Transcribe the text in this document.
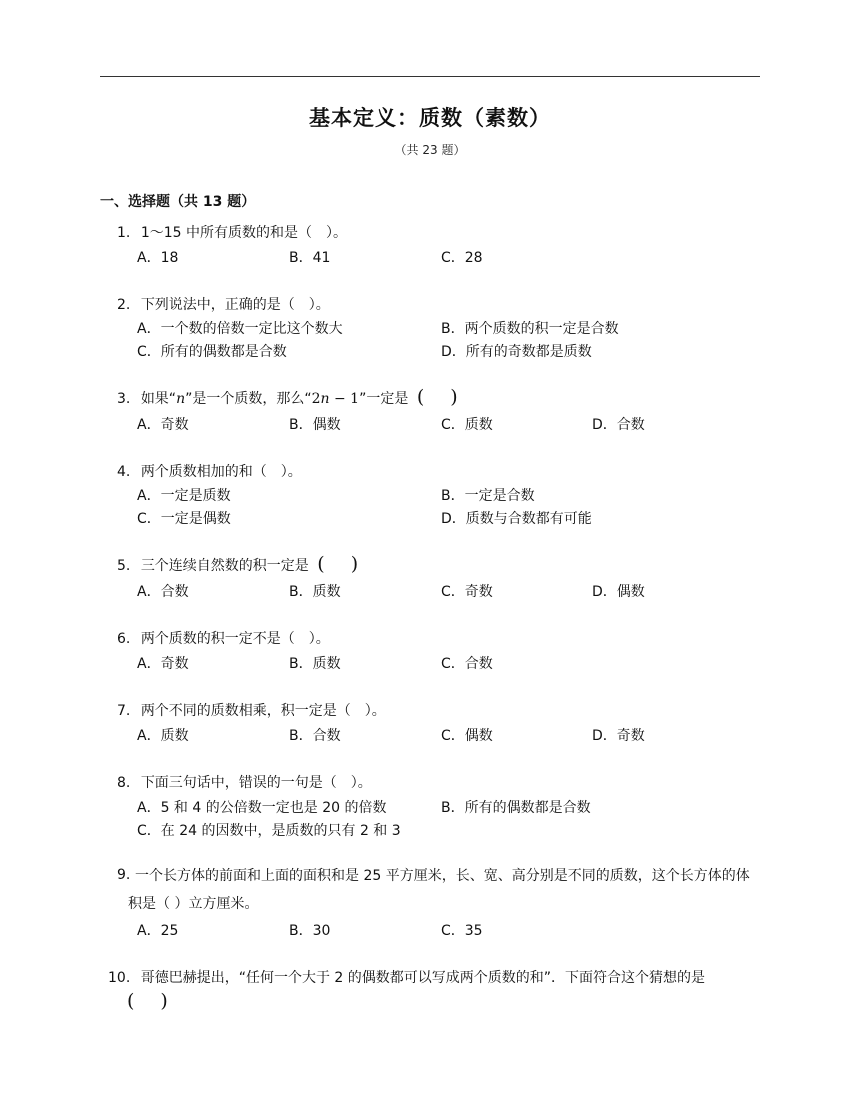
基本定义：质数（素数）
（共 23 题）
一、选择题（共 13 题）
1. 1～15 中所有质数的和是（　）。
A．18	B．41	C．28
2. 下列说法中，正确的是（　）。
A．一个数的倍数一定比这个数大	B．两个质数的积一定是合数
C．所有的偶数都是合数	D．所有的奇数都是质数
3. 如果“n”是一个质数，那么“2𝑛 − 1”一定是 ( )
A．奇数	B．偶数	C．质数	D．合数
4. 两个质数相加的和（　）。
A．一定是质数	B．一定是合数
C．一定是偶数	D．质数与合数都有可能
5. 三个连续自然数的积一定是 ( )
A．合数	B．质数	C．奇数	D．偶数
6. 两个质数的积一定不是（　）。
A．奇数	B．质数	C．合数
7. 两个不同的质数相乘，积一定是（　）。
A．质数	B．合数	C．偶数	D．奇数
8. 下面三句话中，错误的一句是（　）。
A．5 和 4 的公倍数一定也是 20 的倍数	B．所有的偶数都是合数
C．在 24 的因数中，是质数的只有 2 和 3
9. 一个长方体的前面和上面的面积和是 25 平方厘米，长、宽、高分别是不同的质数，这个长方体的体积是（ ）立方厘米。
A．25	B．30	C．35
10. 哥德巴赫提出，“任何一个大于 2 的偶数都可以写成两个质数的和”．下面符合这个猜想的是
( )
